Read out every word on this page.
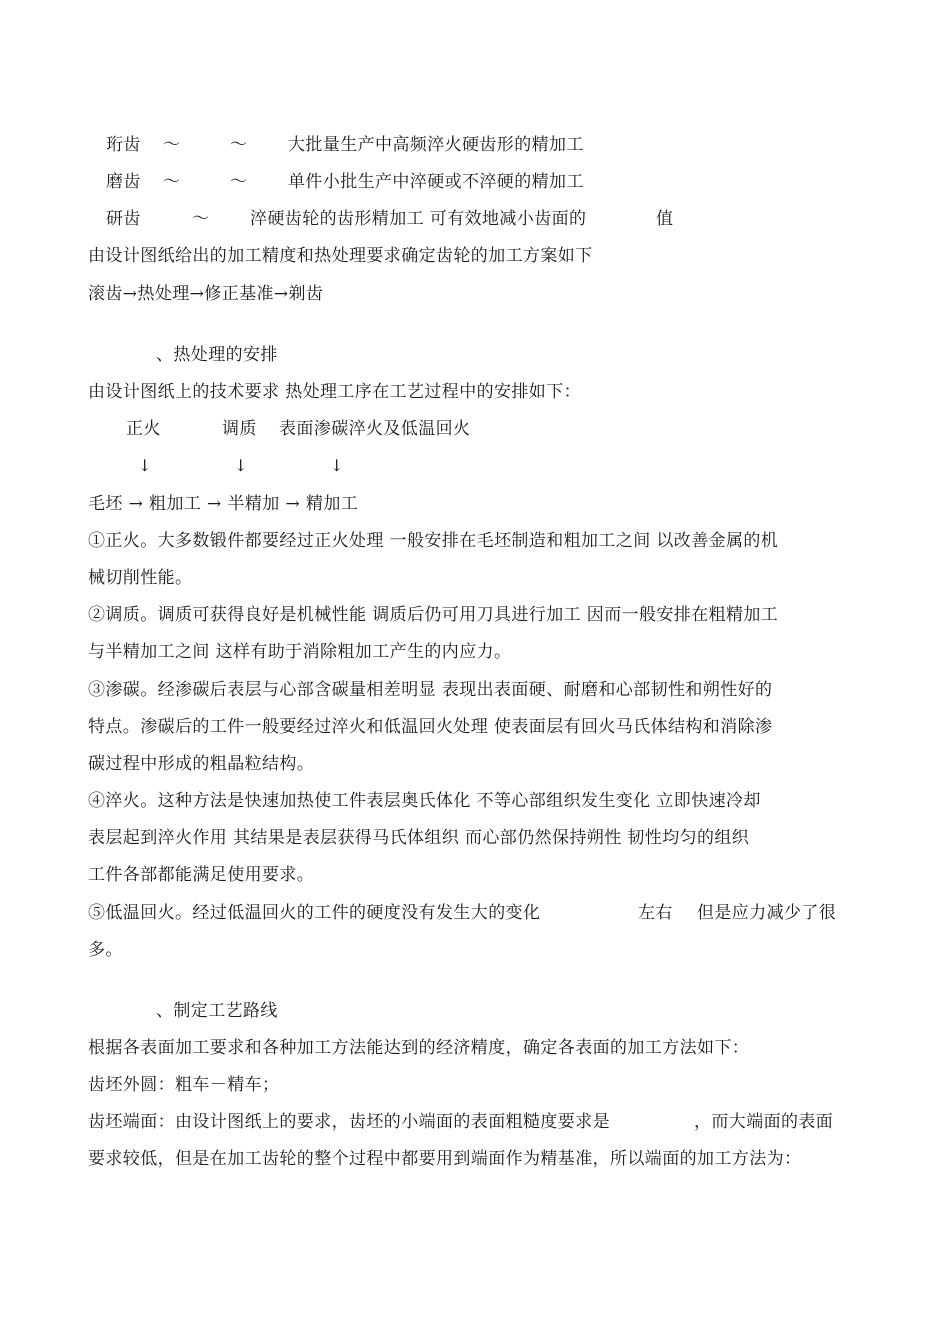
珩齿 ～	～ 大批量生产中高频淬火硬齿形的精加工
磨齿 ～	～ 单件小批生产中淬硬或不淬硬的精加工
研齿	～ 淬硬齿轮的齿形精加工 可有效地减小齿面的	值
由设计图纸给出的加工精度和热处理要求确定齿轮的加工方案如下
滚齿→热处理→修正基准→剃齿
、热处理的安排
由设计图纸上的技术要求 热处理工序在工艺过程中的安排如下：
正火	调质 表面渗碳淬火及低温回火
↓	↓	↓
毛坯 → 粗加工 → 半精加 → 精加工
①正火。大多数锻件都要经过正火处理 一般安排在毛坯制造和粗加工之间 以改善金属的机
械切削性能。
②调质。调质可获得良好是机械性能 调质后仍可用刀具进行加工 因而一般安排在粗精加工
与半精加工之间 这样有助于消除粗加工产生的内应力。
③渗碳。经渗碳后表层与心部含碳量相差明显 表现出表面硬、耐磨和心部韧性和朔性好的
特点。渗碳后的工件一般要经过淬火和低温回火处理 使表面层有回火马氏体结构和消除渗
碳过程中形成的粗晶粒结构。
④淬火。这种方法是快速加热使工件表层奥氏体化 不等心部组织发生变化 立即快速冷却
表层起到淬火作用 其结果是表层获得马氏体组织 而心部仍然保持朔性 韧性均匀的组织
工件各部都能满足使用要求。
⑤低温回火。经过低温回火的工件的硬度没有发生大的变化	左右 但是应力减少了很
多。
、制定工艺路线
根据各表面加工要求和各种加工方法能达到的经济精度，确定各表面的加工方法如下：
齿坯外圆：粗车－精车；
齿坯端面：由设计图纸上的要求，齿坯的小端面的表面粗糙度要求是	，而大端面的表面
要求较低，但是在加工齿轮的整个过程中都要用到端面作为精基准，所以端面的加工方法为：
